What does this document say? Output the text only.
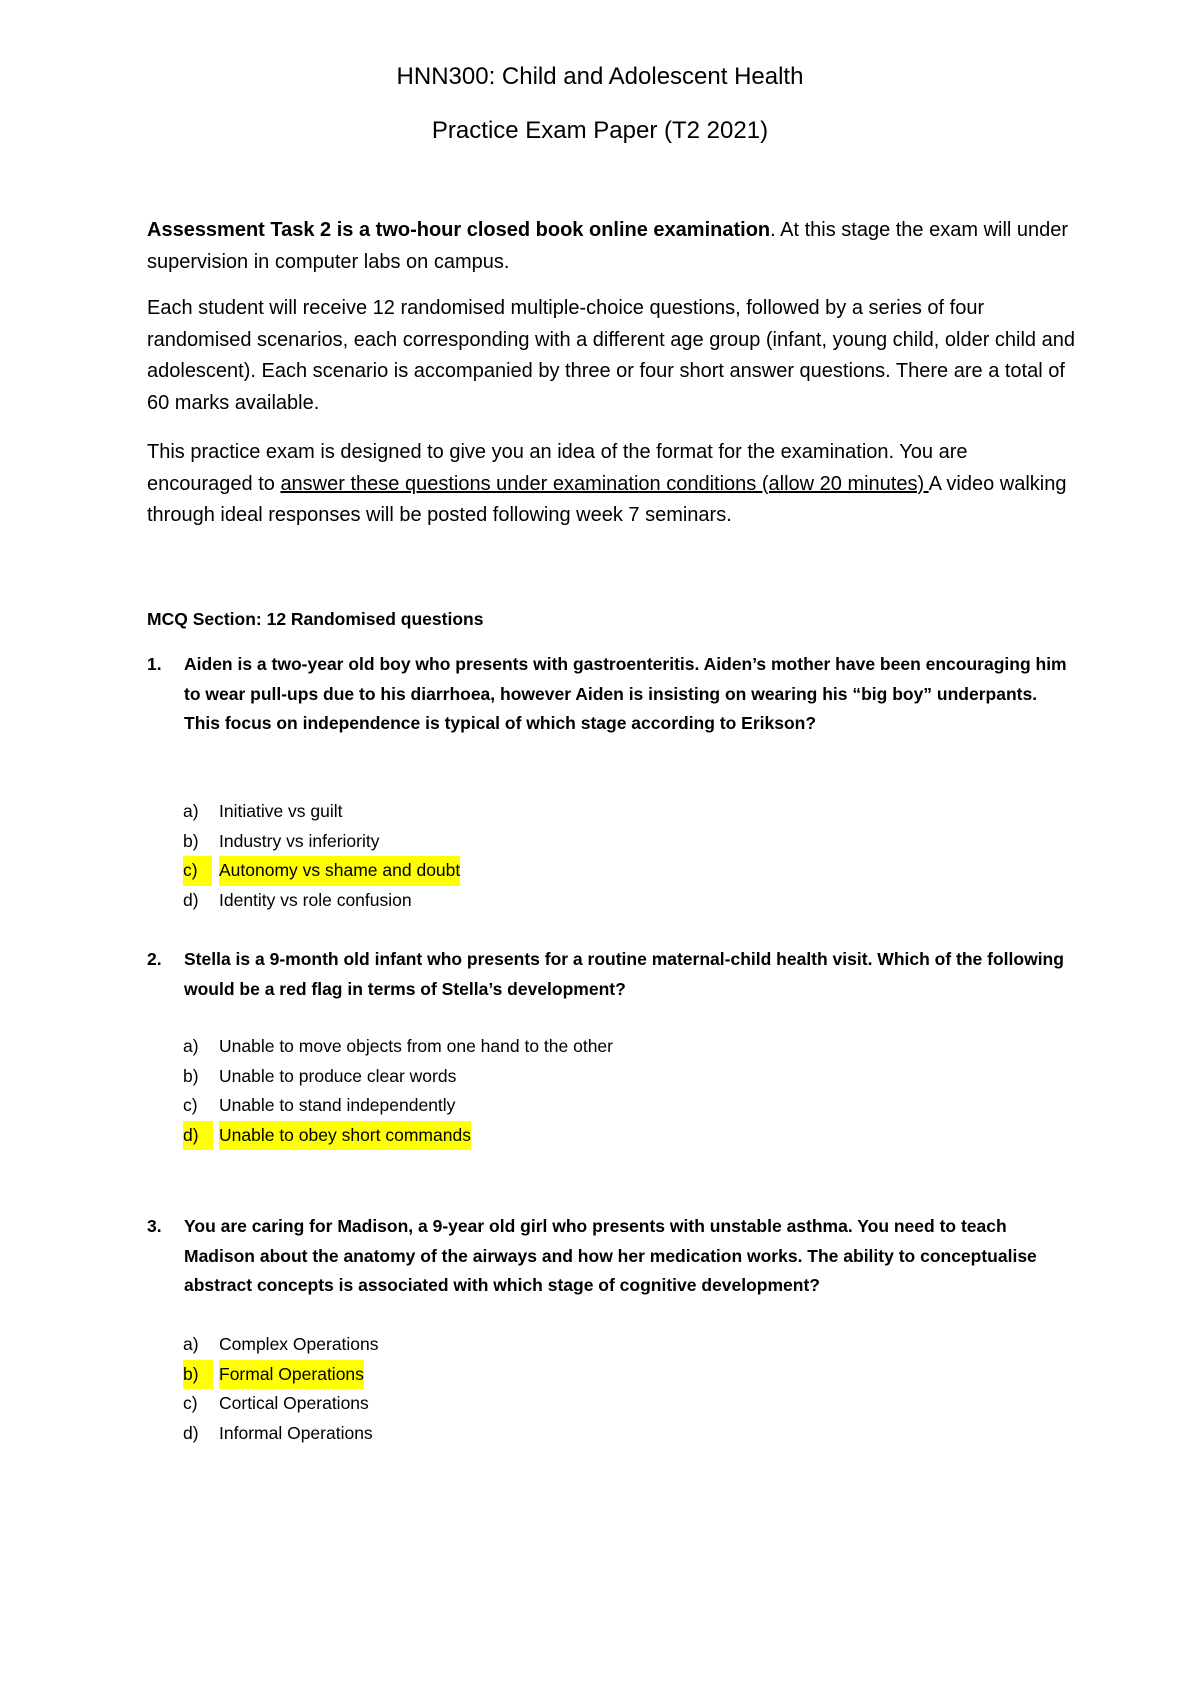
HNN300: Child and Adolescent Health
Practice Exam Paper (T2 2021)

Assessment Task 2 is a two-hour closed book online examination. At this stage the exam will under supervision in computer labs on campus.

Each student will receive 12 randomised multiple-choice questions, followed by a series of four randomised scenarios, each corresponding with a different age group (infant, young child, older child and adolescent). Each scenario is accompanied by three or four short answer questions. There are a total of 60 marks available.

This practice exam is designed to give you an idea of the format for the examination. You are encouraged to answer these questions under examination conditions (allow 20 minutes) A video walking through ideal responses will be posted following week 7 seminars.

MCQ Section: 12 Randomised questions
1. Aiden is a two-year old boy who presents with gastroenteritis. Aiden’s mother have been encouraging him to wear pull-ups due to his diarrhoea, however Aiden is insisting on wearing his “big boy” underpants. This focus on independence is typical of which stage according to Erikson?
a) Initiative vs guilt
b) Industry vs inferiority
c)	Autonomy vs shame and doubt
d) Identity vs role confusion
2. Stella is a 9-month old infant who presents for a routine maternal-child health visit. Which of the following would be a red flag in terms of Stella’s development?
a) Unable to move objects from one hand to the other
b) Unable to produce clear words
c) Unable to stand independently
d)	Unable to obey short commands
3. You are caring for Madison, a 9-year old girl who presents with unstable asthma. You need to teach Madison about the anatomy of the airways and how her medication works. The ability to conceptualise abstract concepts is associated with which stage of cognitive development?
a) Complex Operations
b)	Formal Operations
c) Cortical Operations
d) Informal Operations
